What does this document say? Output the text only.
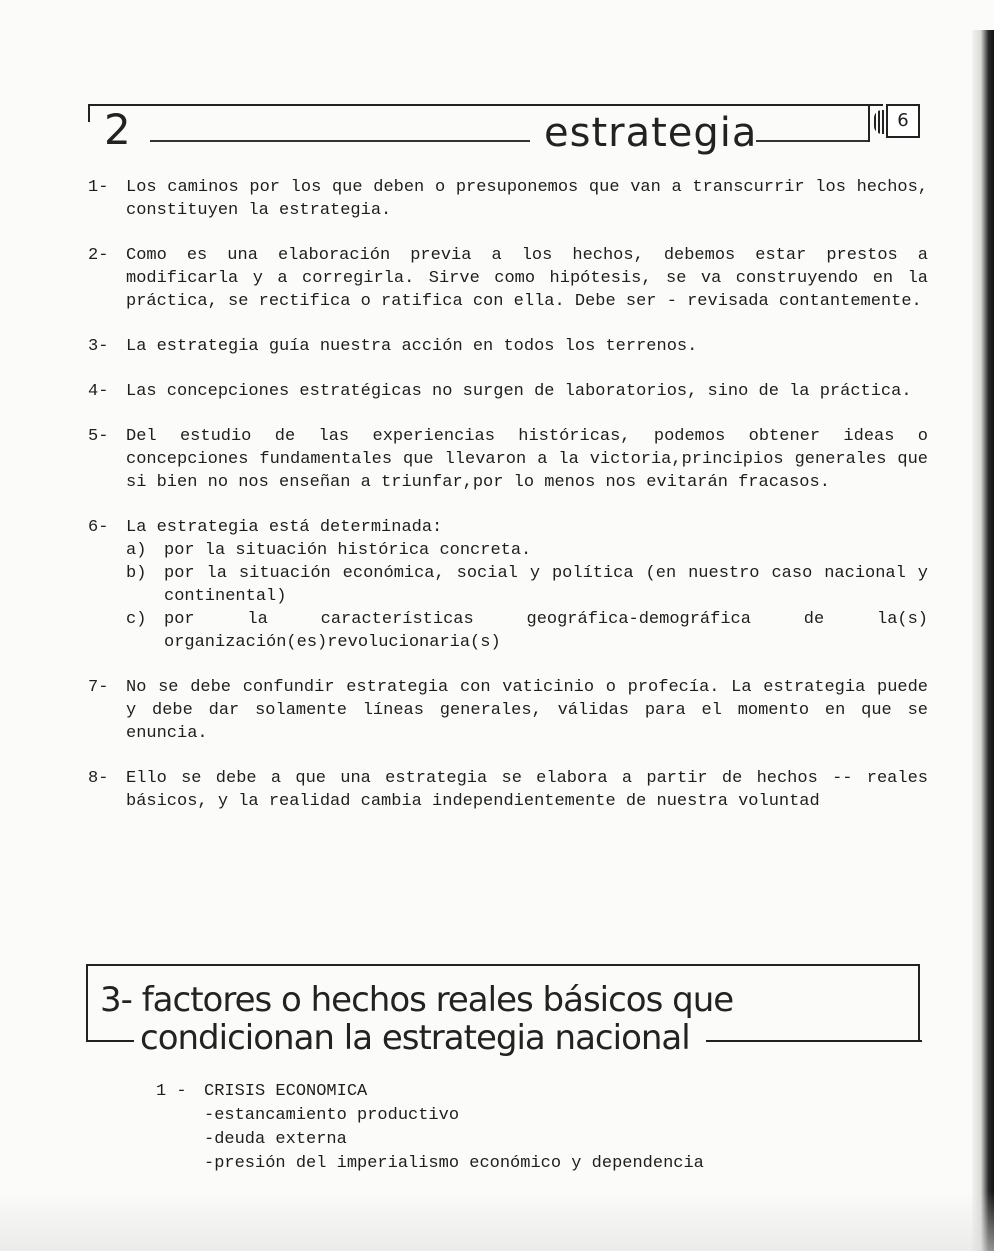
2	estrategia	6
1-	Los caminos por los que deben o presuponemos que van a transcurrir los hechos, constituyen la estrategia.

2-	Como es una elaboración previa a los hechos, debemos estar prestos a modificarla y a corregirla. Sirve como hipótesis, se va construyendo en la práctica, se rectifica o ratifica con ella. Debe ser - revisada contantemente.

3-	La estrategia guía nuestra acción en todos los terrenos.

4-	Las concepciones estratégicas no surgen de laboratorios, sino de la práctica.

5-	Del estudio de las experiencias históricas, podemos obtener ideas o concepciones fundamentales que llevaron a la victoria,principios generales que si bien no nos enseñan a triunfar,por lo menos nos evitarán fracasos.

6-	La estrategia está determinada:

a)	por la situación histórica concreta.
b)	por la situación económica, social y política (en nuestro caso nacional y continental)
c)	por la características geográfica-demográfica de la(s) organización(es)revolucionaria(s)
7-	No se debe confundir estrategia con vaticinio o profecía. La estrategia puede y debe dar solamente líneas generales, válidas para el momento en que se enuncia.

8-	Ello se debe a que una estrategia se elabora a partir de hechos -- reales básicos, y la realidad cambia independientemente de nuestra voluntad

3- factores o hechos reales básicos que
condicionan la estrategia nacional
1 -	CRISIS ECONOMICA
-estancamiento productivo
-deuda externa
-presión del imperialismo económico y dependencia
